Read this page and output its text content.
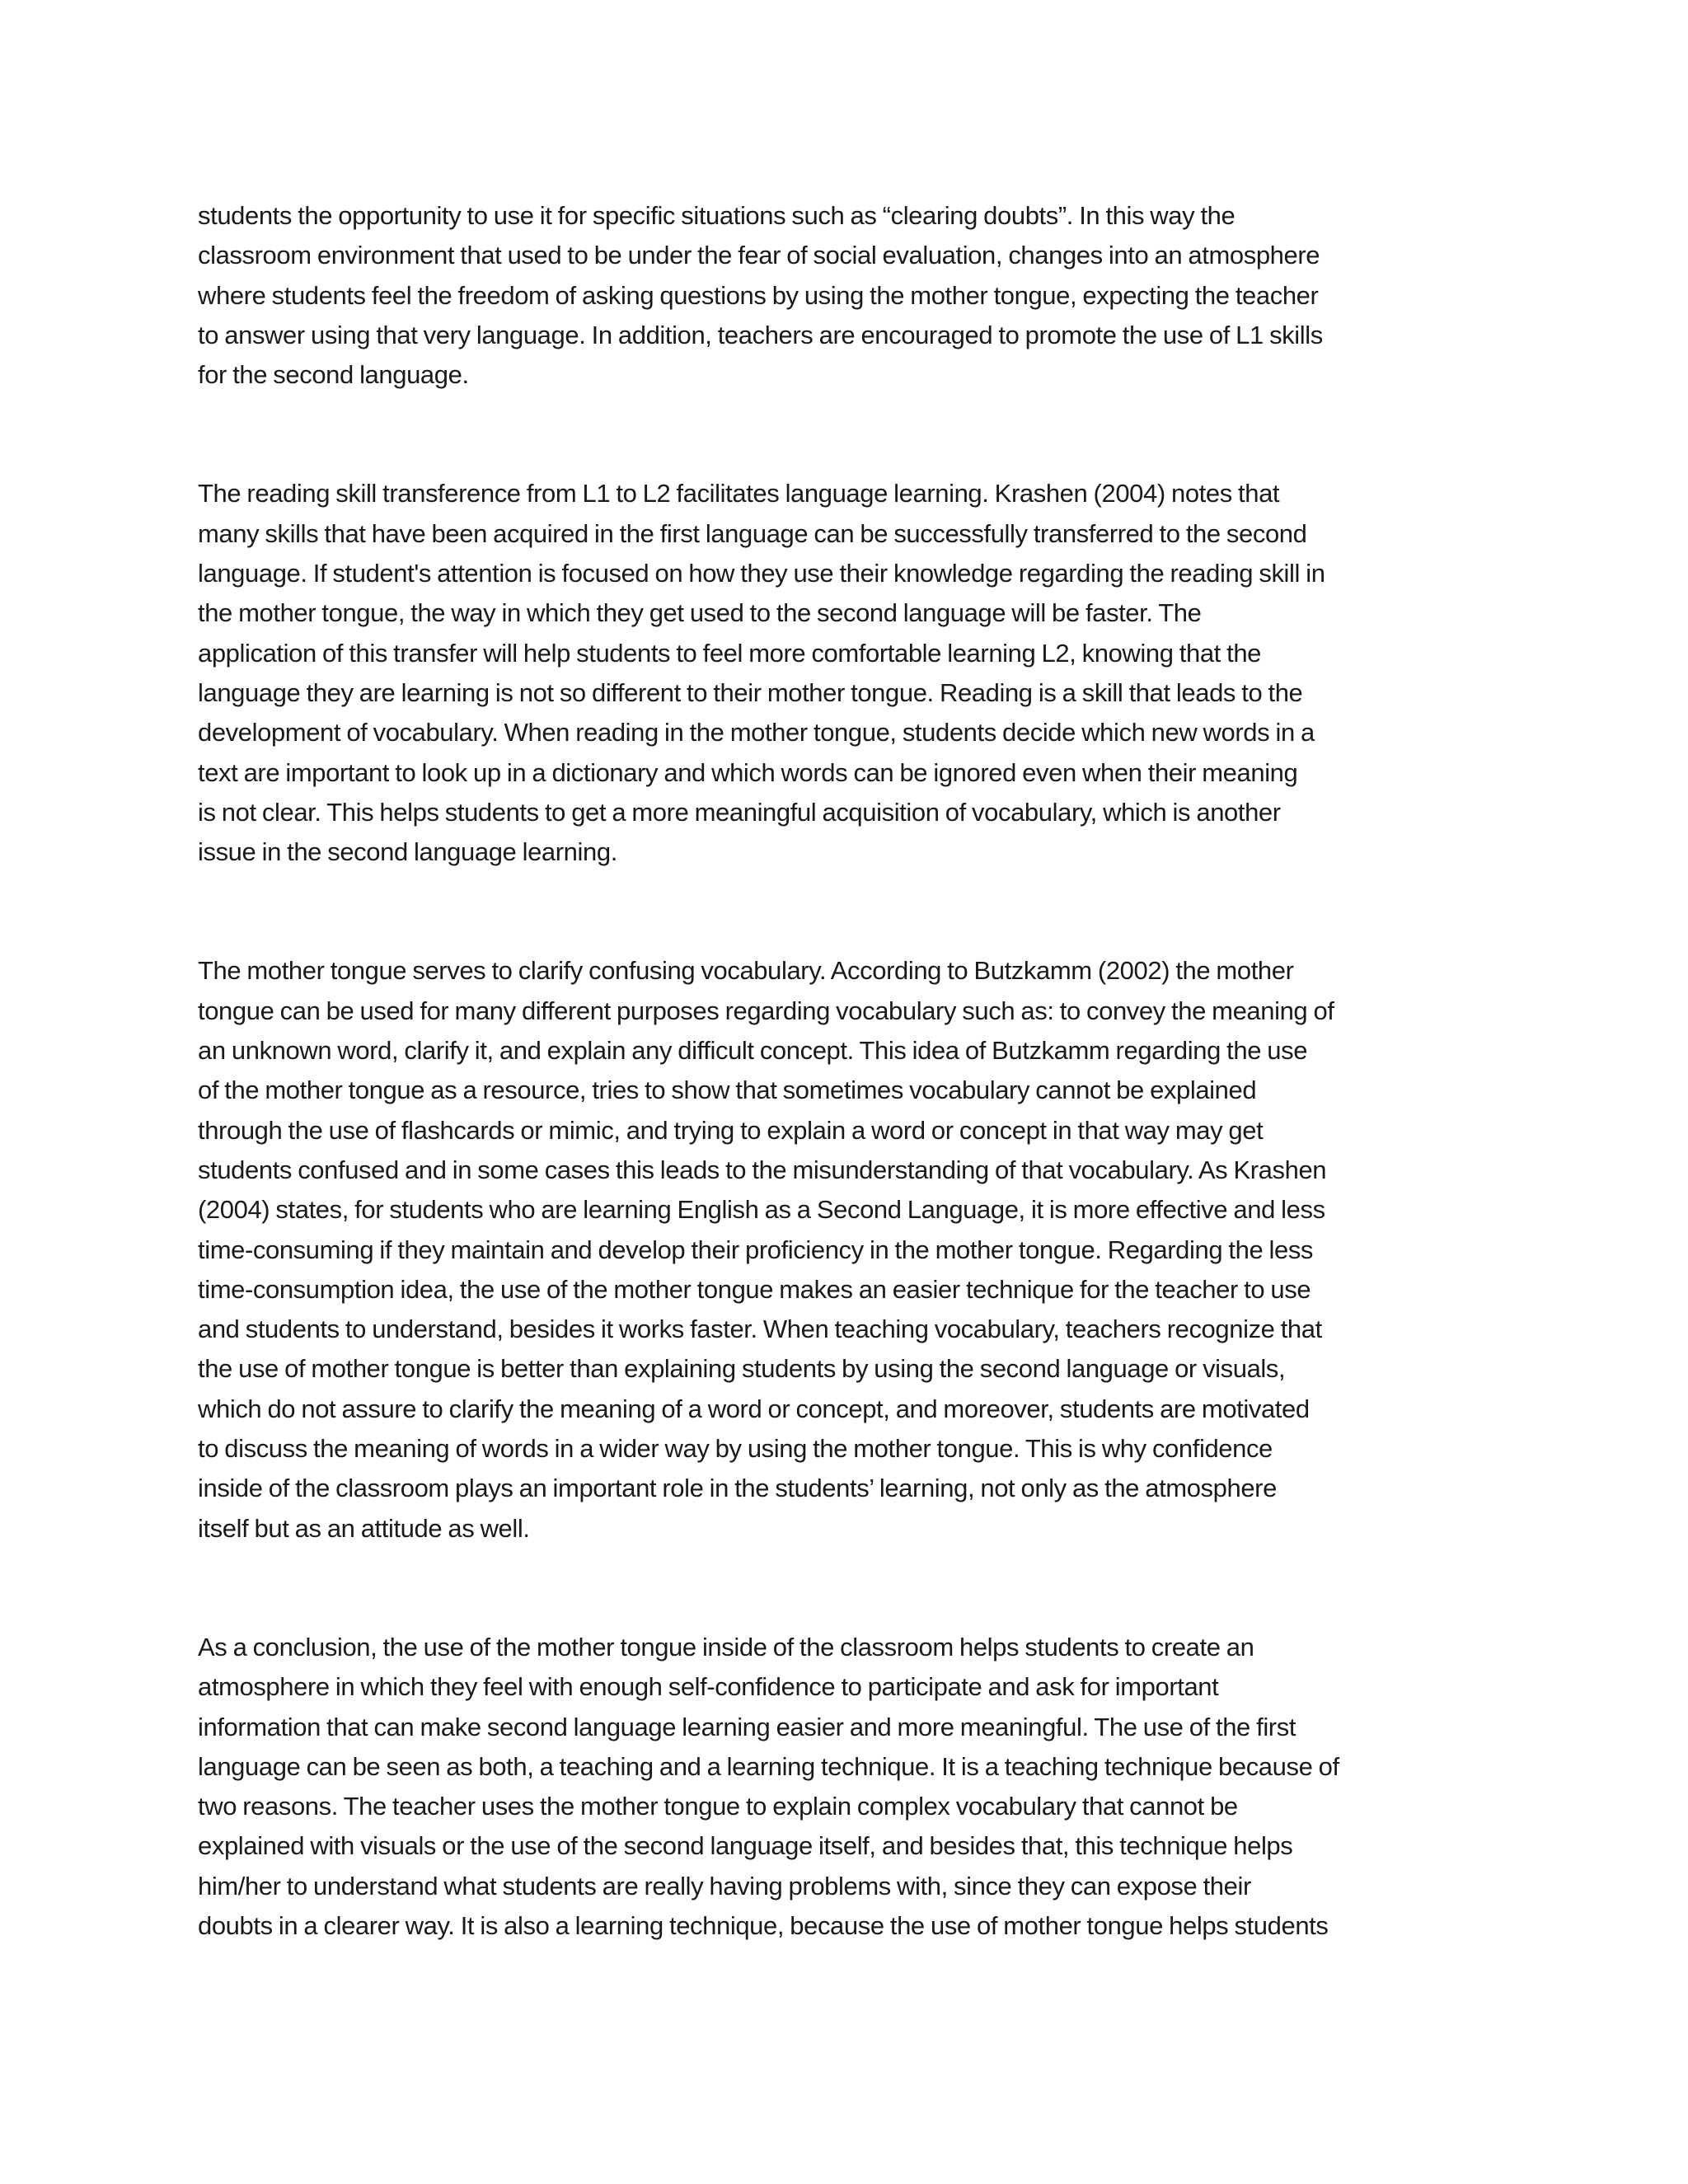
students the opportunity to use it for specific situations such as “clearing doubts”. In this way the
classroom environment that used to be under the fear of social evaluation, changes into an atmosphere
where students feel the freedom of asking questions by using the mother tongue, expecting the teacher
to answer using that very language. In addition, teachers are encouraged to promote the use of L1 skills
for the second language.

The reading skill transference from L1 to L2 facilitates language learning. Krashen (2004) notes that
many skills that have been acquired in the first language can be successfully transferred to the second
language. If student's attention is focused on how they use their knowledge regarding the reading skill in
the mother tongue, the way in which they get used to the second language will be faster. The
application of this transfer will help students to feel more comfortable learning L2, knowing that the
language they are learning is not so different to their mother tongue. Reading is a skill that leads to the
development of vocabulary. When reading in the mother tongue, students decide which new words in a
text are important to look up in a dictionary and which words can be ignored even when their meaning
is not clear. This helps students to get a more meaningful acquisition of vocabulary, which is another
issue in the second language learning.

The mother tongue serves to clarify confusing vocabulary. According to Butzkamm (2002) the mother
tongue can be used for many different purposes regarding vocabulary such as: to convey the meaning of
an unknown word, clarify it, and explain any difficult concept. This idea of Butzkamm regarding the use
of the mother tongue as a resource, tries to show that sometimes vocabulary cannot be explained
through the use of flashcards or mimic, and trying to explain a word or concept in that way may get
students confused and in some cases this leads to the misunderstanding of that vocabulary. As Krashen
(2004) states, for students who are learning English as a Second Language, it is more effective and less
time-consuming if they maintain and develop their proficiency in the mother tongue. Regarding the less
time-consumption idea, the use of the mother tongue makes an easier technique for the teacher to use
and students to understand, besides it works faster. When teaching vocabulary, teachers recognize that
the use of mother tongue is better than explaining students by using the second language or visuals,
which do not assure to clarify the meaning of a word or concept, and moreover, students are motivated
to discuss the meaning of words in a wider way by using the mother tongue. This is why confidence
inside of the classroom plays an important role in the students’ learning, not only as the atmosphere
itself but as an attitude as well.

As a conclusion, the use of the mother tongue inside of the classroom helps students to create an
atmosphere in which they feel with enough self-confidence to participate and ask for important
information that can make second language learning easier and more meaningful. The use of the first
language can be seen as both, a teaching and a learning technique. It is a teaching technique because of
two reasons. The teacher uses the mother tongue to explain complex vocabulary that cannot be
explained with visuals or the use of the second language itself, and besides that, this technique helps
him/her to understand what students are really having problems with, since they can expose their
doubts in a clearer way. It is also a learning technique, because the use of mother tongue helps students
